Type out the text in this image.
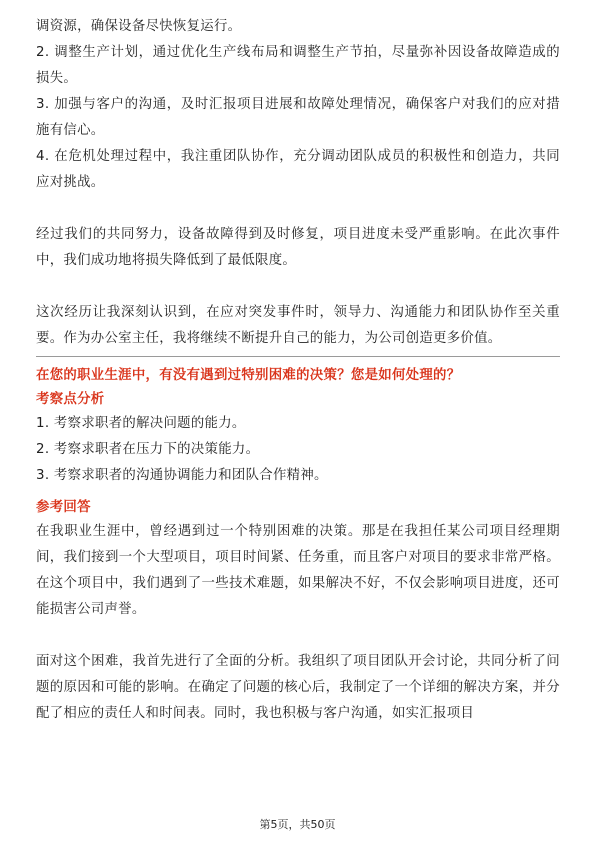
调资源，确保设备尽快恢复运行。

2. 调整生产计划，通过优化生产线布局和调整生产节拍，尽量弥补因设备故障造成的损失。

3. 加强与客户的沟通，及时汇报项目进展和故障处理情况，确保客户对我们的应对措施有信心。

4. 在危机处理过程中，我注重团队协作，充分调动团队成员的积极性和创造力，共同应对挑战。

经过我们的共同努力，设备故障得到及时修复，项目进度未受严重影响。在此次事件中，我们成功地将损失降低到了最低限度。

这次经历让我深刻认识到，在应对突发事件时，领导力、沟通能力和团队协作至关重要。作为办公室主任，我将继续不断提升自己的能力，为公司创造更多价值。

在您的职业生涯中，有没有遇到过特别困难的决策？您是如何处理的？
考察点分析

1. 考察求职者的解决问题的能力。

2. 考察求职者在压力下的决策能力。

3. 考察求职者的沟通协调能力和团队合作精神。

参考回答

在我职业生涯中，曾经遇到过一个特别困难的决策。那是在我担任某公司项目经理期间，我们接到一个大型项目，项目时间紧、任务重，而且客户对项目的要求非常严格。在这个项目中，我们遇到了一些技术难题，如果解决不好，不仅会影响项目进度，还可能损害公司声誉。

面对这个困难，我首先进行了全面的分析。我组织了项目团队开会讨论，共同分析了问题的原因和可能的影响。在确定了问题的核心后，我制定了一个详细的解决方案，并分配了相应的责任人和时间表。同时，我也积极与客户沟通，如实汇报项目

第5页，共50页
